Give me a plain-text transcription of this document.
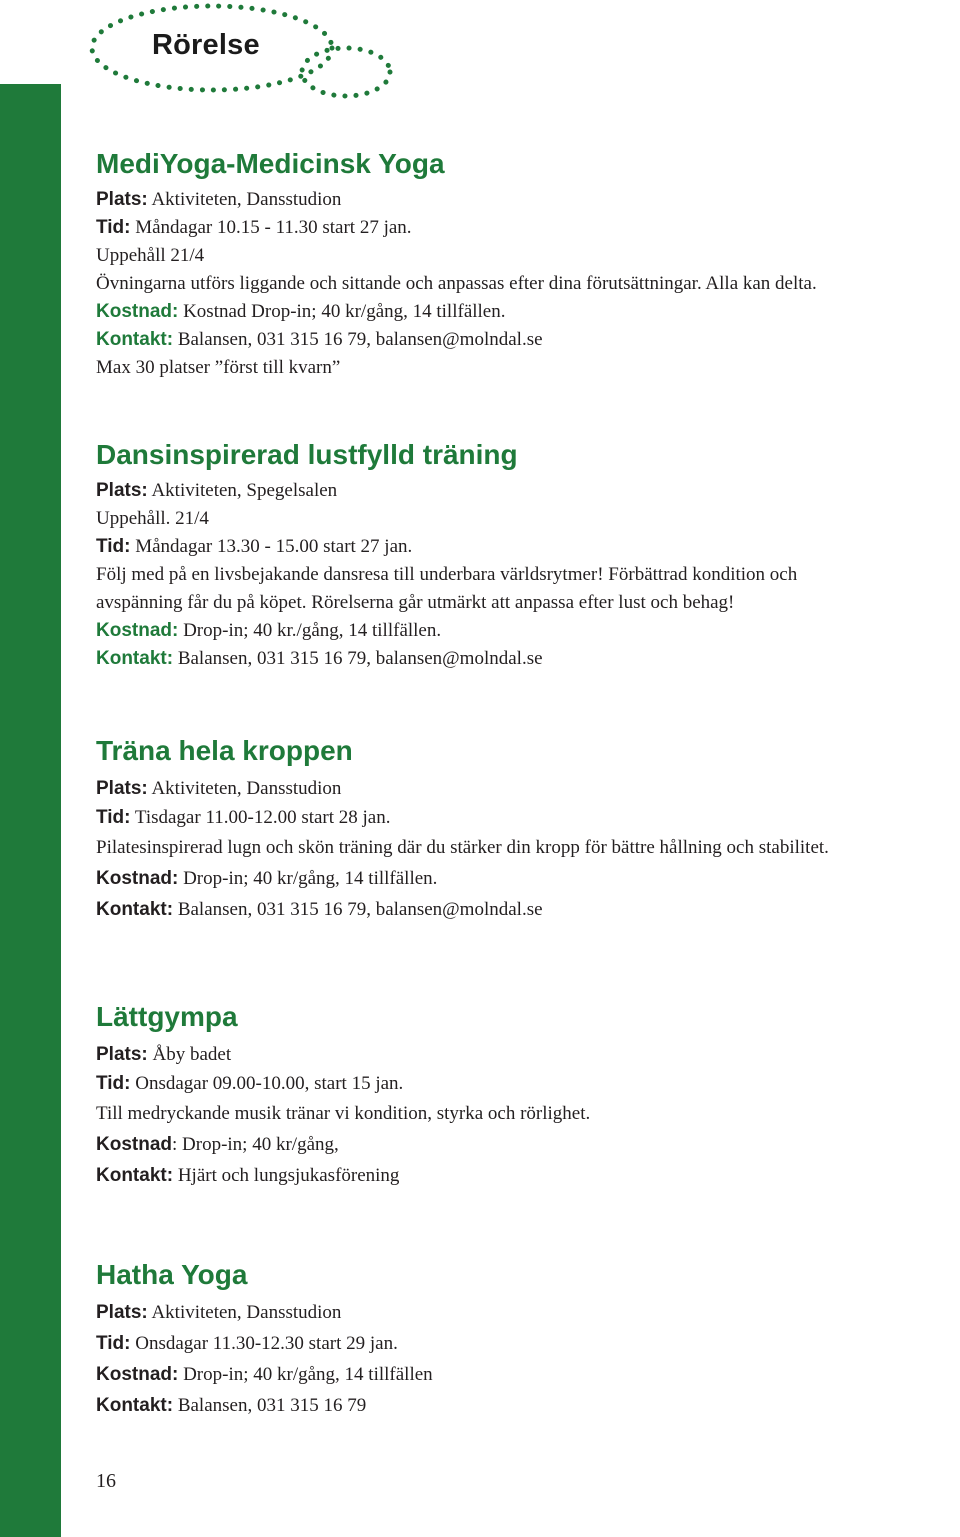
Rörelse
MediYoga-Medicinsk Yoga

Plats: Aktiviteten, Dansstudion

Tid: Måndagar 10.15 - 11.30 start 27 jan.

Uppehåll 21/4

Övningarna utförs liggande och sittande och anpassas efter dina förutsättningar. Alla kan delta.

Kostnad: Kostnad Drop-in; 40 kr/gång, 14 tillfällen.

Kontakt: Balansen, 031 315 16 79, balansen@molndal.se

Max 30 platser ”först till kvarn”

Dansinspirerad lustfylld träning

Plats: Aktiviteten, Spegelsalen

Uppehåll. 21/4

Tid: Måndagar 13.30 - 15.00 start 27 jan.

Följ med på en livsbejakande dansresa till underbara världsrytmer! Förbättrad kondition och

avspänning får du på köpet. Rörelserna går utmärkt att anpassa efter lust och behag!

Kostnad: Drop-in; 40 kr./gång, 14 tillfällen.

Kontakt: Balansen, 031 315 16 79, balansen@molndal.se

Träna hela kroppen

Plats: Aktiviteten, Dansstudion

Tid: Tisdagar 11.00-12.00 start 28 jan.

Pilatesinspirerad lugn och skön träning där du stärker din kropp för bättre hållning och stabilitet.

Kostnad: Drop-in; 40 kr/gång, 14 tillfällen.

Kontakt: Balansen, 031 315 16 79, balansen@molndal.se

Lättgympa

Plats: Åby badet

Tid: Onsdagar 09.00-10.00, start 15 jan.

Till medryckande musik tränar vi kondition, styrka och rörlighet.

Kostnad: Drop-in; 40 kr/gång,

Kontakt: Hjärt och lungsjukasförening

Hatha Yoga

Plats: Aktiviteten, Dansstudion

Tid: Onsdagar 11.30-12.30 start 29 jan.

Kostnad: Drop-in; 40 kr/gång, 14 tillfällen

Kontakt: Balansen, 031 315 16 79

16
